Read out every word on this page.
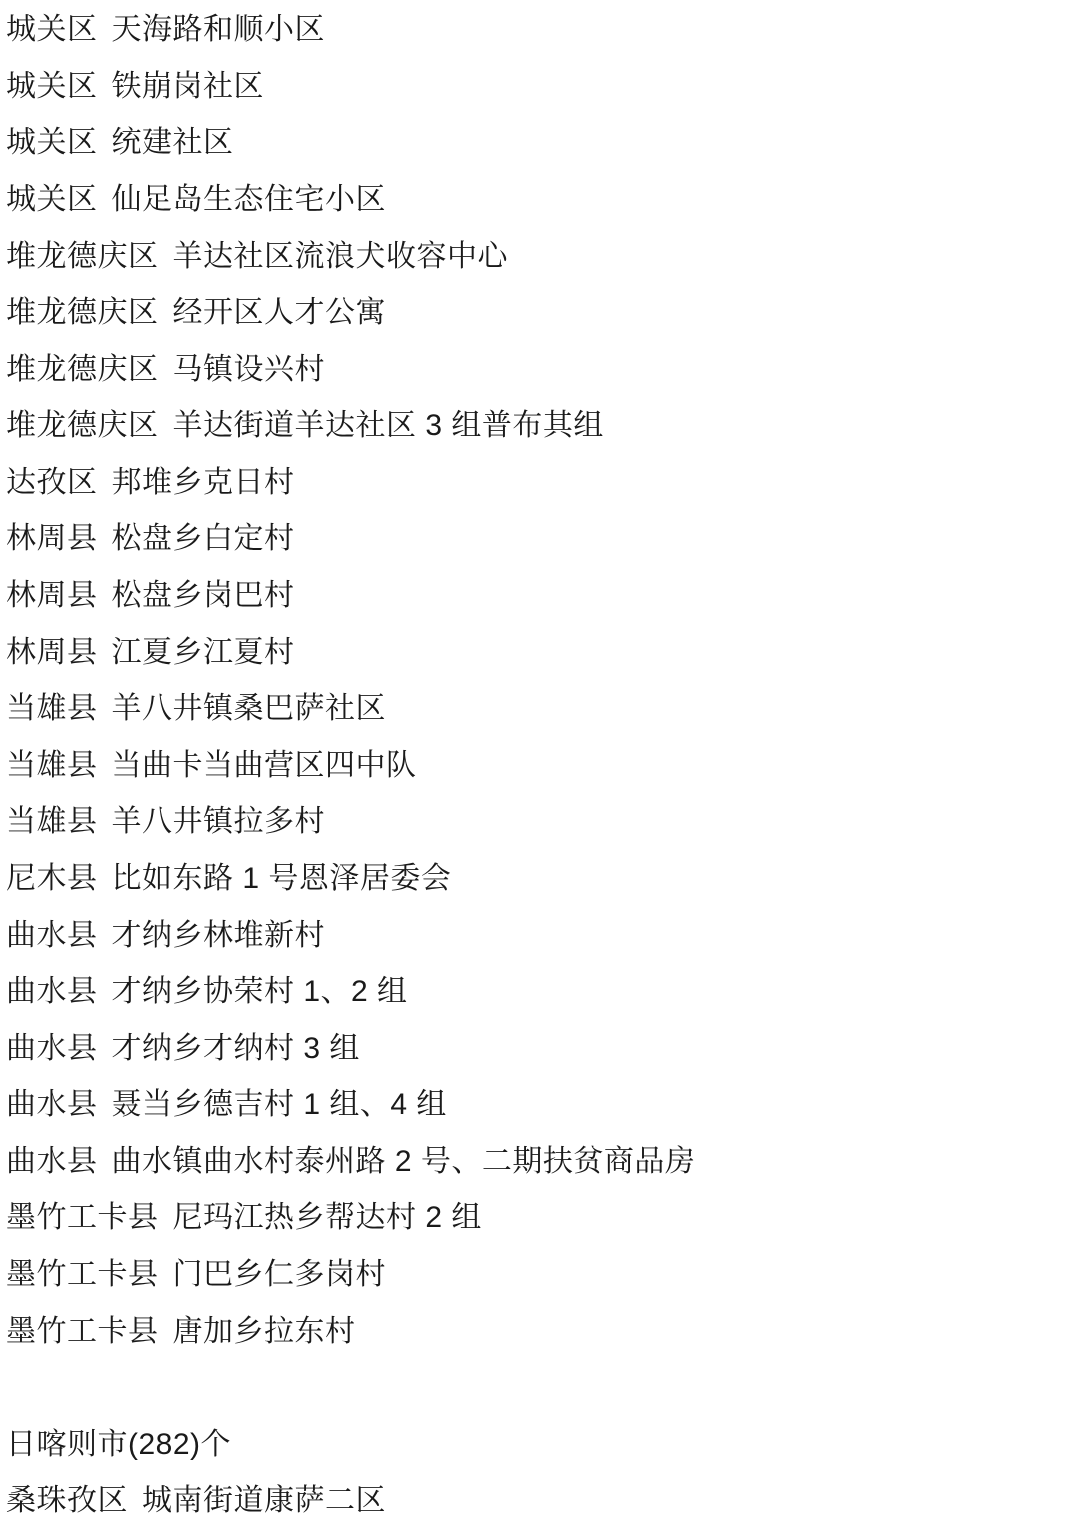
城关区 天海路和顺小区
城关区 铁崩岗社区
城关区 统建社区
城关区 仙足岛生态住宅小区
堆龙德庆区 羊达社区流浪犬收容中心
堆龙德庆区 经开区人才公寓
堆龙德庆区 马镇设兴村
堆龙德庆区 羊达街道羊达社区 3 组普布其组
达孜区 邦堆乡克日村
林周县 松盘乡白定村
林周县 松盘乡岗巴村
林周县 江夏乡江夏村
当雄县 羊八井镇桑巴萨社区
当雄县 当曲卡当曲营区四中队
当雄县 羊八井镇拉多村
尼木县 比如东路 1 号恩泽居委会
曲水县 才纳乡林堆新村
曲水县 才纳乡协荣村 1、2 组
曲水县 才纳乡才纳村 3 组
曲水县 聂当乡德吉村 1 组、4 组
曲水县 曲水镇曲水村泰州路 2 号、二期扶贫商品房
墨竹工卡县 尼玛江热乡帮达村 2 组
墨竹工卡县 门巴乡仁多岗村
墨竹工卡县 唐加乡拉东村
日喀则市(282)个
桑珠孜区 城南街道康萨二区
